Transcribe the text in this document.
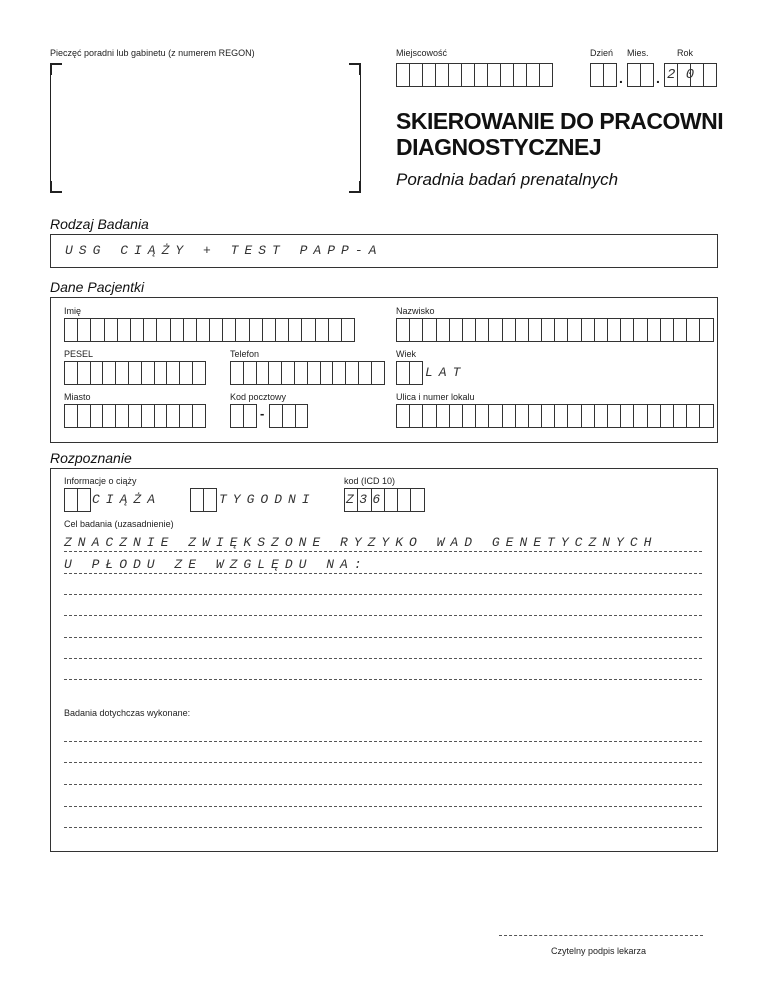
Pieczęć poradni lub gabinetu (z numerem REGON)	Miejscowość	Dzień Mies.	Rok
. . 2 0
SKIEROWANIE DO PRACOWNI
DIAGNOSTYCZNEJ
Poradnia badań prenatalnych
Rodzaj Badania
USG CIĄŻY + TEST PAPP-A
Dane Pacjentki
Imię	Nazwisko
PESEL	Telefon	Wiek
LAT
Miasto	Kod pocztowy
-
Ulica i numer lokalu
Rozpoznanie
Informacje o ciąży
CIĄŻA	TYGODNI
kod (ICD 10)
Z36
Cel badania (uzasadnienie)
ZNACZNIE ZWIĘKSZONE RYZYKO WAD GENETYCZNYCH
U PŁODU ZE WZGLĘDU NA:
Badania dotychczas wykonane:
Czytelny podpis lekarza
